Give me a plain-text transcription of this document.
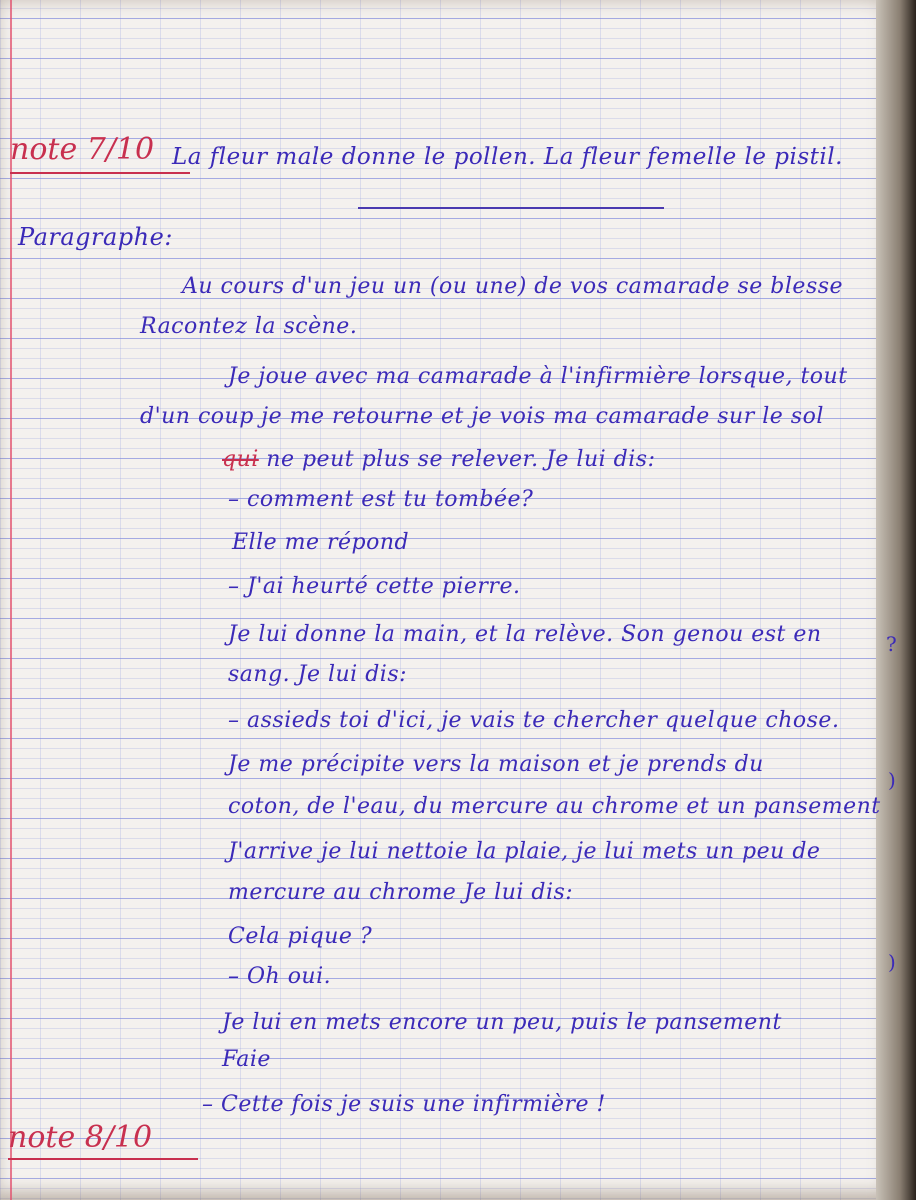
note 7/10 La fleur male donne le pollen. La fleur femelle le pistil.
Paragraphe:
Au cours d'un jeu un (ou une) de vos camarade se blesse
Racontez la scène.
Je joue avec ma camarade à l'infirmière lorsque, tout
d'un coup je me retourne et je vois ma camarade sur le sol
qui ne peut plus se relever. Je lui dis:
– comment est tu tombée?
Elle me répond
– J'ai heurté cette pierre.
Je lui donne la main, et la relève. Son genou est en
sang. Je lui dis:
– assieds toi d'ici, je vais te chercher quelque chose.
Je me précipite vers la maison et je prends du
coton, de l'eau, du mercure au chrome et un pansement
J'arrive je lui nettoie la plaie, je lui mets un peu de
mercure au chrome Je lui dis:
Cela pique ?
– Oh oui.
Je lui en mets encore un peu, puis le pansement
Faie
– Cette fois je suis une infirmière !
note 8/10
?
)
)
